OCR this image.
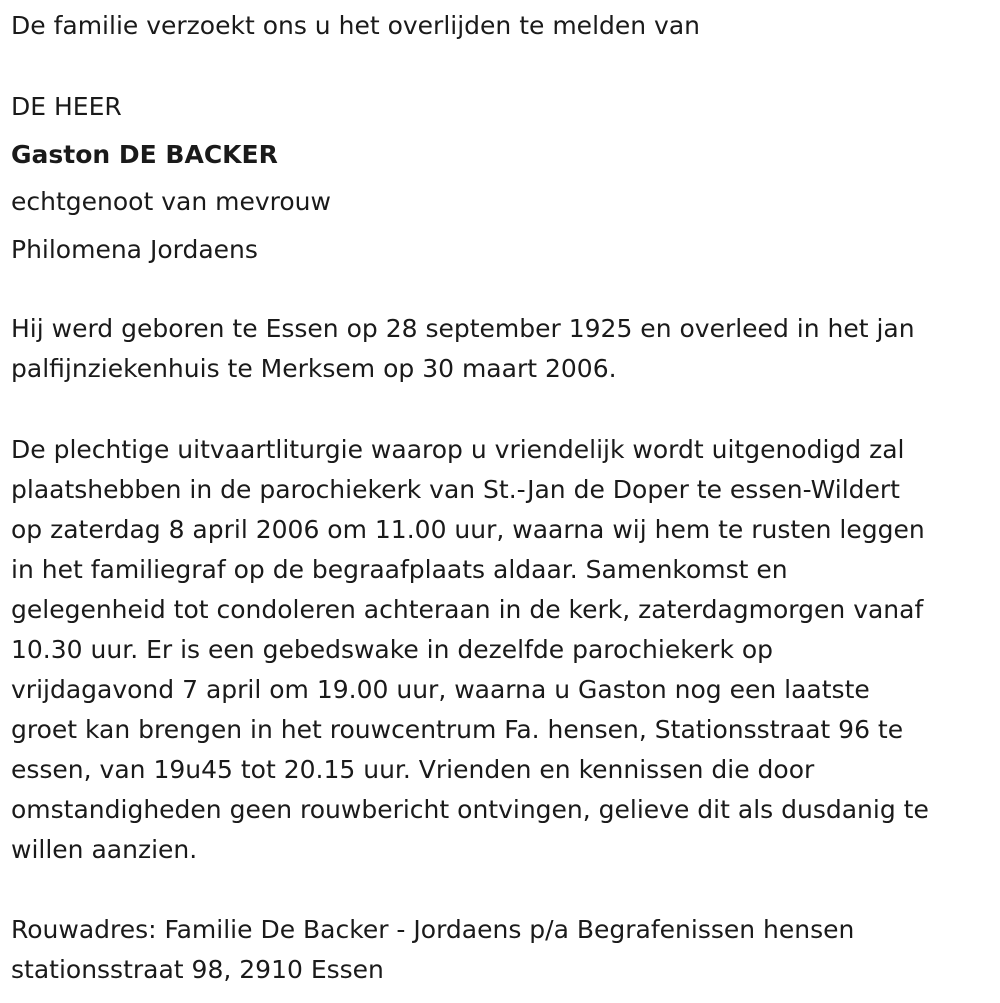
De familie verzoekt ons u het overlijden te melden van

DE HEER

Gaston DE BACKER

echtgenoot van mevrouw

Philomena Jordaens

Hij werd geboren te Essen op 28 september 1925 en overleed in het jan
palfijnziekenhuis te Merksem op 30 maart 2006.
De plechtige uitvaartliturgie waarop u vriendelijk wordt uitgenodigd zal
plaatshebben in de parochiekerk van St.-Jan de Doper te essen-Wildert
op zaterdag 8 april 2006 om 11.00 uur, waarna wij hem te rusten leggen
in het familiegraf op de begraafplaats aldaar. Samenkomst en
gelegenheid tot condoleren achteraan in de kerk, zaterdagmorgen vanaf
10.30 uur. Er is een gebedswake in dezelfde parochiekerk op
vrijdagavond 7 april om 19.00 uur, waarna u Gaston nog een laatste
groet kan brengen in het rouwcentrum Fa. hensen, Stationsstraat 96 te
essen, van 19u45 tot 20.15 uur. Vrienden en kennissen die door
omstandigheden geen rouwbericht ontvingen, gelieve dit als dusdanig te
willen aanzien.
Rouwadres: Familie De Backer - Jordaens p/a Begrafenissen hensen
stationsstraat 98, 2910 Essen
